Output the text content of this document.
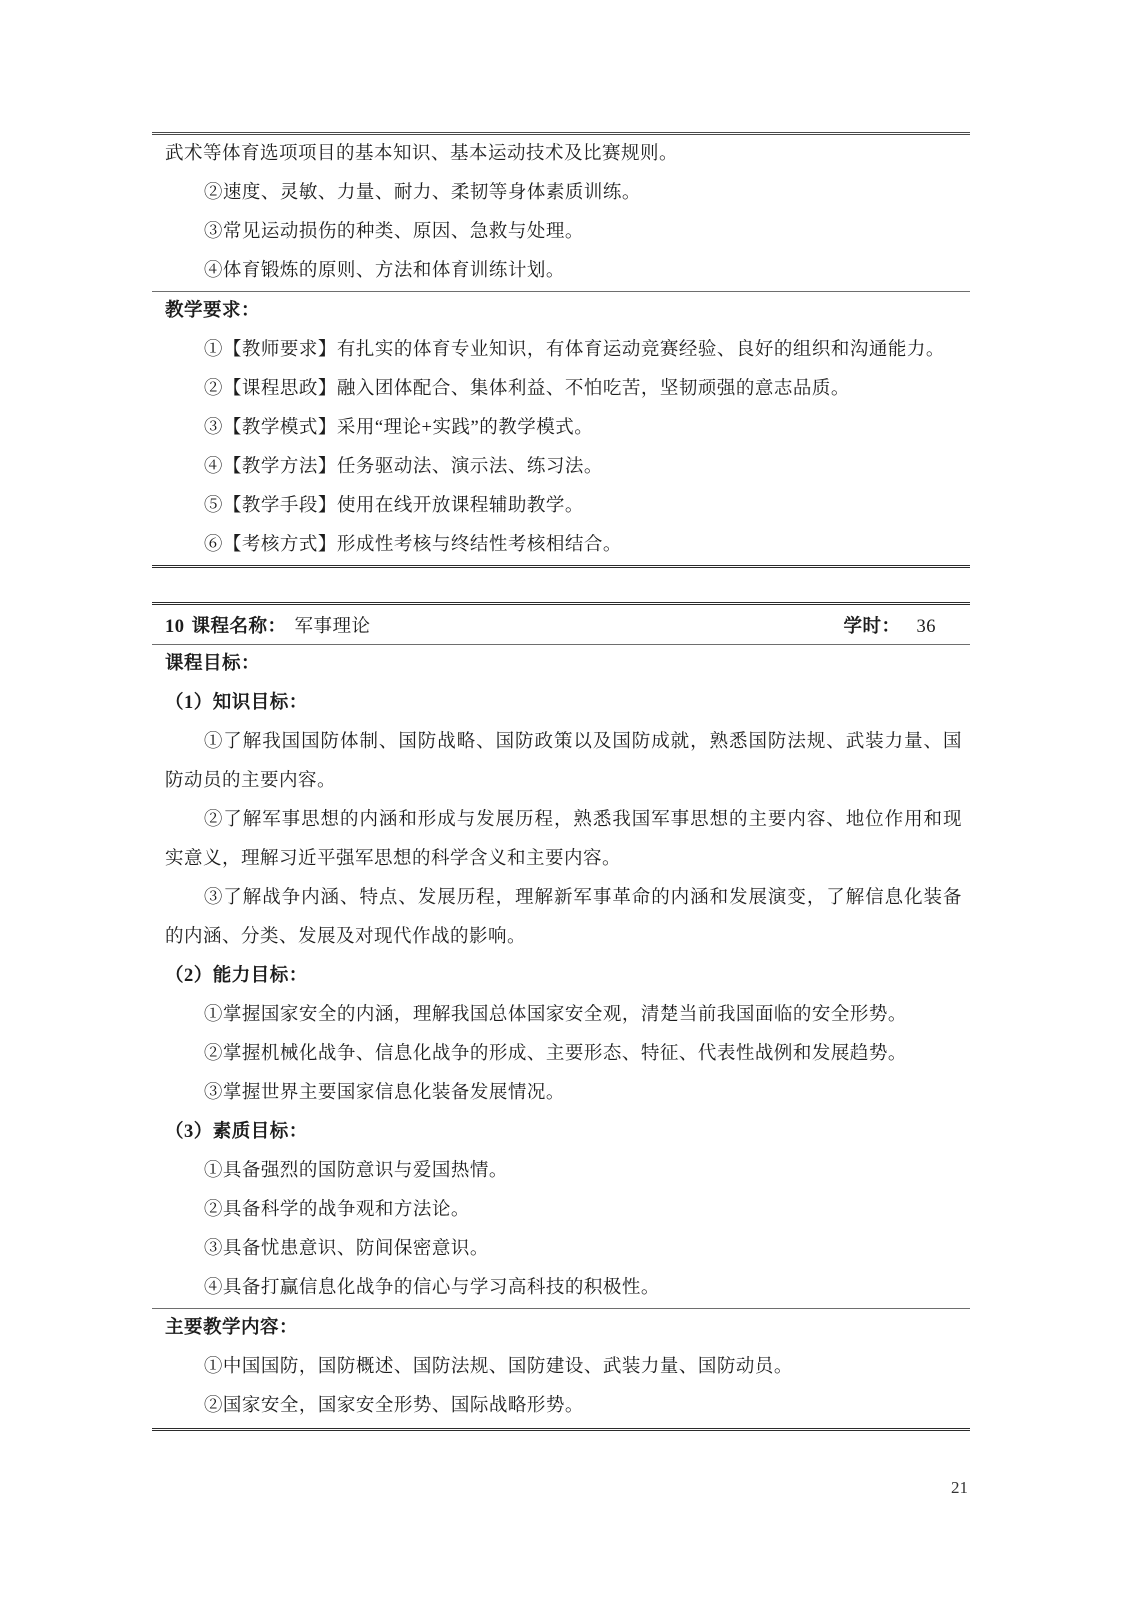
武术等体育选项项目的基本知识、基本运动技术及比赛规则。

②速度、灵敏、力量、耐力、柔韧等身体素质训练。

③常见运动损伤的种类、原因、急救与处理。

④体育锻炼的原则、方法和体育训练计划。

教学要求：

①【教师要求】有扎实的体育专业知识，有体育运动竞赛经验、良好的组织和沟通能力。

②【课程思政】融入团体配合、集体利益、不怕吃苦，坚韧顽强的意志品质。

③【教学模式】采用“理论+实践”的教学模式。

④【教学方法】任务驱动法、演示法、练习法。

⑤【教学手段】使用在线开放课程辅助教学。

⑥【考核方式】形成性考核与终结性考核相结合。

10 课程名称： 军事理论	学时： 36

课程目标：

（1）知识目标：

①了解我国国防体制、国防战略、国防政策以及国防成就，熟悉国防法规、武装力量、国防动员的主要内容。

②了解军事思想的内涵和形成与发展历程，熟悉我国军事思想的主要内容、地位作用和现实意义，理解习近平强军思想的科学含义和主要内容。

③了解战争内涵、特点、发展历程，理解新军事革命的内涵和发展演变，了解信息化装备的内涵、分类、发展及对现代作战的影响。

（2）能力目标：

①掌握国家安全的内涵，理解我国总体国家安全观，清楚当前我国面临的安全形势。

②掌握机械化战争、信息化战争的形成、主要形态、特征、代表性战例和发展趋势。

③掌握世界主要国家信息化装备发展情况。

（3）素质目标：

①具备强烈的国防意识与爱国热情。

②具备科学的战争观和方法论。

③具备忧患意识、防间保密意识。

④具备打赢信息化战争的信心与学习高科技的积极性。

主要教学内容：

①中国国防，国防概述、国防法规、国防建设、武装力量、国防动员。

②国家安全，国家安全形势、国际战略形势。

21
